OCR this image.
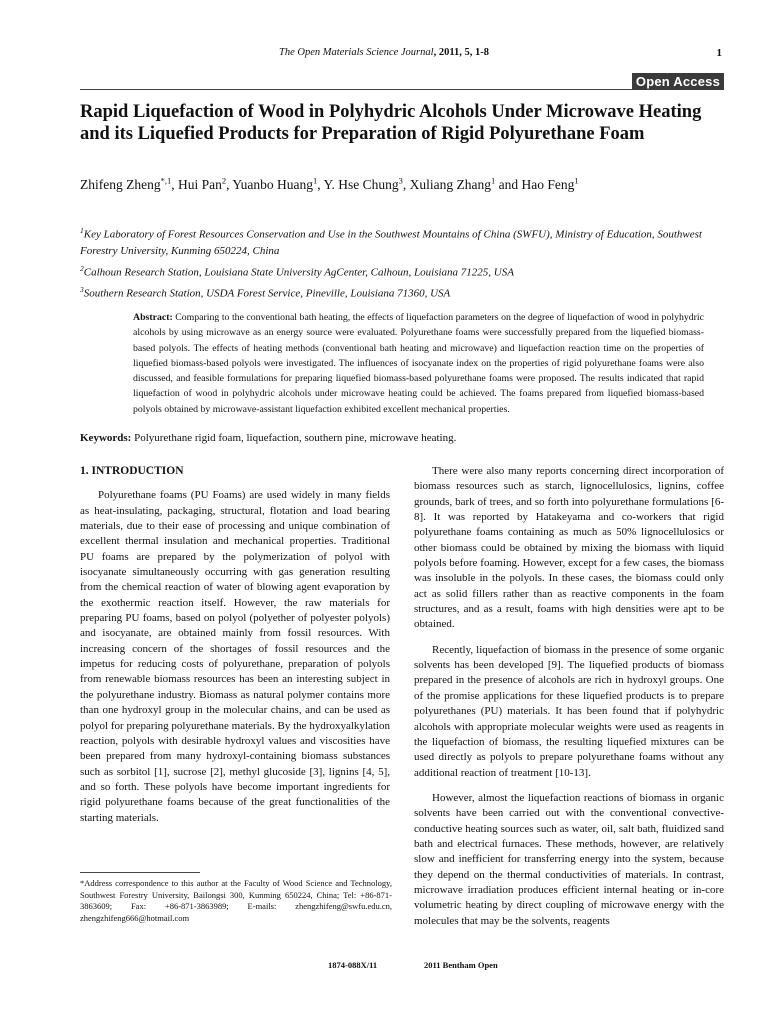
The Open Materials Science Journal, 2011, 5, 1-8	1
Open Access
Rapid Liquefaction of Wood in Polyhydric Alcohols Under Microwave Heating and its Liquefied Products for Preparation of Rigid Polyurethane Foam
Zhifeng Zheng$^{*,1}$, Hui Pan$^2$, Yuanbo Huang$^1$, Y. Hse Chung$^3$, Xuliang Zhang$^1$ and Hao Feng$^1$
$^1$Key Laboratory of Forest Resources Conservation and Use in the Southwest Mountains of China (SWFU), Ministry of Education, Southwest Forestry University, Kunming 650224, China
$^2$Calhoun Research Station, Louisiana State University AgCenter, Calhoun, Louisiana 71225, USA
$^3$Southern Research Station, USDA Forest Service, Pineville, Louisiana 71360, USA
Abstract: Comparing to the conventional bath heating, the effects of liquefaction parameters on the degree of liquefaction of wood in polyhydric alcohols by using microwave as an energy source were evaluated. Polyurethane foams were successfully prepared from the liquefied biomass-based polyols. The effects of heating methods (conventional bath heating and microwave) and liquefaction reaction time on the properties of liquefied biomass-based polyols were investigated. The influences of isocyanate index on the properties of rigid polyurethane foams were also discussed, and feasible formulations for preparing liquefied biomass-based polyurethane foams were proposed. The results indicated that rapid liquefaction of wood in polyhydric alcohols under microwave heating could be achieved. The foams prepared from liquefied biomass-based polyols obtained by microwave-assistant liquefaction exhibited excellent mechanical properties.
Keywords: Polyurethane rigid foam, liquefaction, southern pine, microwave heating.
1. INTRODUCTION

Polyurethane foams (PU Foams) are used widely in many fields as heat-insulating, packaging, structural, flotation and load bearing materials, due to their ease of processing and unique combination of excellent thermal insulation and mechanical properties. Traditional PU foams are prepared by the polymerization of polyol with isocyanate simultaneously occurring with gas generation resulting from the chemical reaction of water of blowing agent evaporation by the exothermic reaction itself. However, the raw materials for preparing PU foams, based on polyol (polyether of polyester polyols) and isocyanate, are obtained mainly from fossil resources. With increasing concern of the shortages of fossil resources and the impetus for reducing costs of polyurethane, preparation of polyols from renewable biomass resources has been an interesting subject in the polyurethane industry. Biomass as natural polymer contains more than one hydroxyl group in the molecular chains, and can be used as polyol for preparing polyurethane materials. By the hydroxyalkylation reaction, polyols with desirable hydroxyl values and viscosities have been prepared from many hydroxyl-containing biomass substances such as sorbitol [1], sucrose [2], methyl glucoside [3], lignins [4, 5], and so forth. These polyols have become important ingredients for rigid polyurethane foams because of the great functionalities of the starting materials.

There were also many reports concerning direct incorporation of biomass resources such as starch, lignocellulosics, lignins, coffee grounds, bark of trees, and so forth into polyurethane formulations [6-8]. It was reported by Hatakeyama and co-workers that rigid polyurethane foams containing as much as 50% lignocellulosics or other biomass could be obtained by mixing the biomass with liquid polyols before foaming. However, except for a few cases, the biomass was insoluble in the polyols. In these cases, the biomass could only act as solid fillers rather than as reactive components in the foam structures, and as a result, foams with high densities were apt to be obtained.

Recently, liquefaction of biomass in the presence of some organic solvents has been developed [9]. The liquefied products of biomass prepared in the presence of alcohols are rich in hydroxyl groups. One of the promise applications for these liquefied products is to prepare polyurethanes (PU) materials. It has been found that if polyhydric alcohols with appropriate molecular weights were used as reagents in the liquefaction of biomass, the resulting liquefied mixtures can be used directly as polyols to prepare polyurethane foams without any additional reaction of treatment [10-13].

However, almost the liquefaction reactions of biomass in organic solvents have been carried out with the conventional convective-conductive heating sources such as water, oil, salt bath, fluidized sand bath and electrical furnaces. These methods, however, are relatively slow and inefficient for transferring energy into the system, because they depend on the thermal conductivities of materials. In contrast, microwave irradiation produces efficient internal heating or in-core volumetric heating by direct coupling of microwave energy with the molecules that may be the solvents, reagents

*Address correspondence to this author at the Faculty of Wood Science and Technology, Southwest Forestry University, Bailongsi 300, Kunming 650224, China; Tel: +86-871-3863609; Fax: +86-871-3863989; E-mails: zhengzhifeng@swfu.edu.cn, zhengzhifeng666@hotmail.com
1874-088X/11	2011 Bentham Open
